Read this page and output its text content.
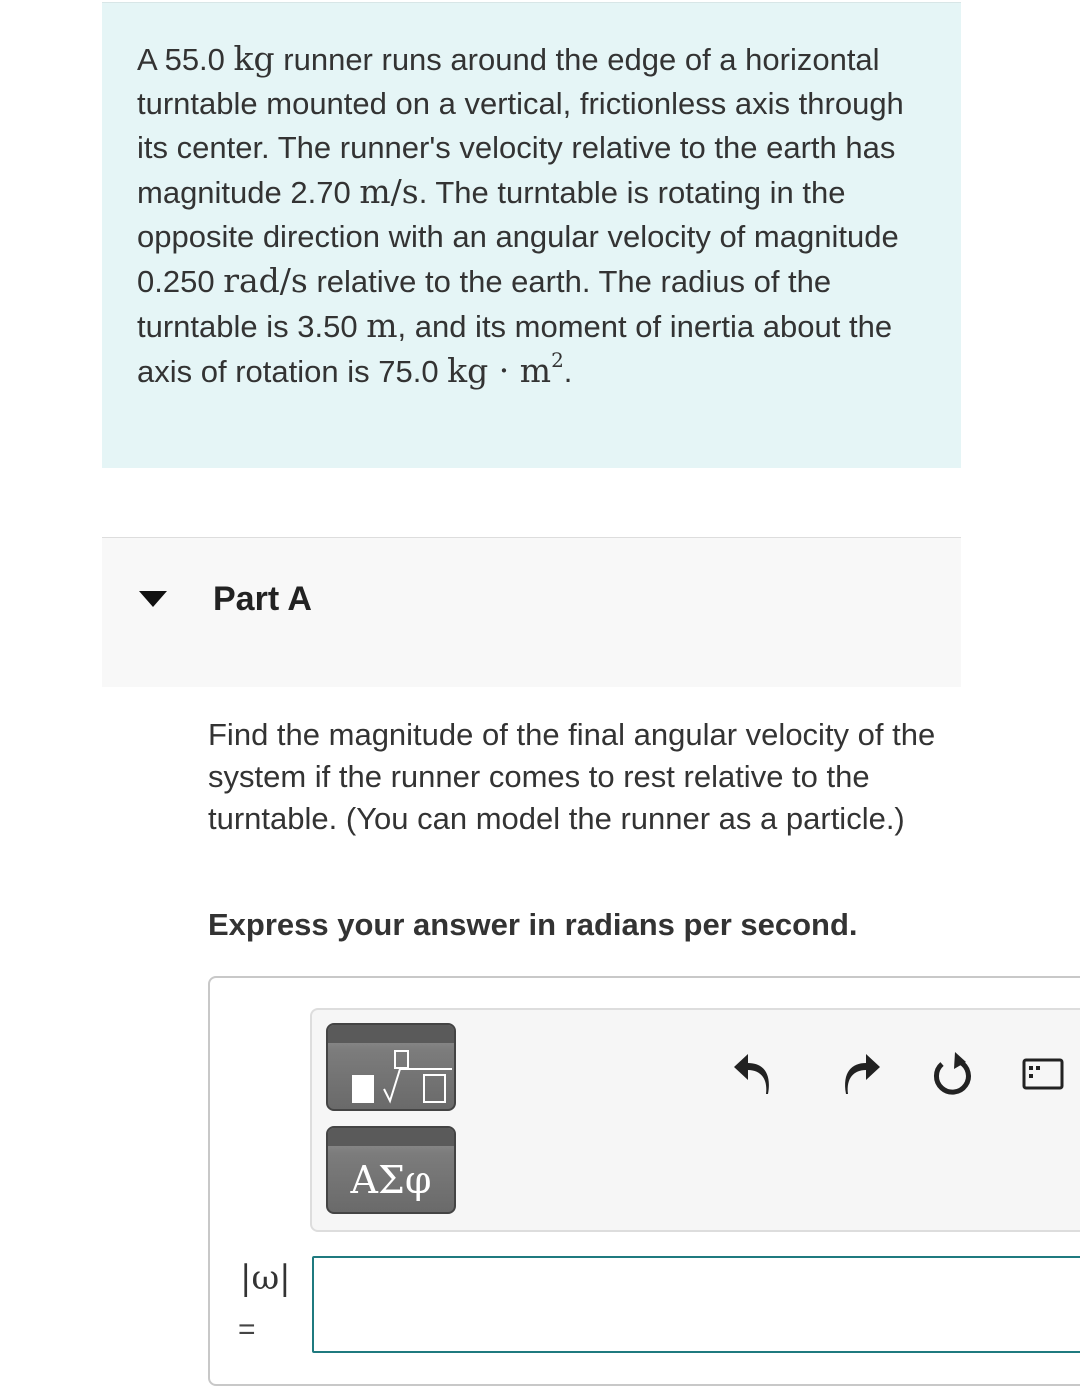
A 55.0 kg runner runs around the edge of a horizontal turntable mounted on a vertical, frictionless axis through its center. The runner's velocity relative to the earth has magnitude 2.70 m/s. The turntable is rotating in the opposite direction with an angular velocity of magnitude 0.250 rad/s relative to the earth. The radius of the turntable is 3.50 m, and its moment of inertia about the axis of rotation is 75.0 kg · $m^2$.

Part A

Find the magnitude of the final angular velocity of the system if the runner comes to rest relative to the turntable. (You can model the runner as a particle.)

Express your answer in radians per second.

ΑΣφ
|ω|
=
